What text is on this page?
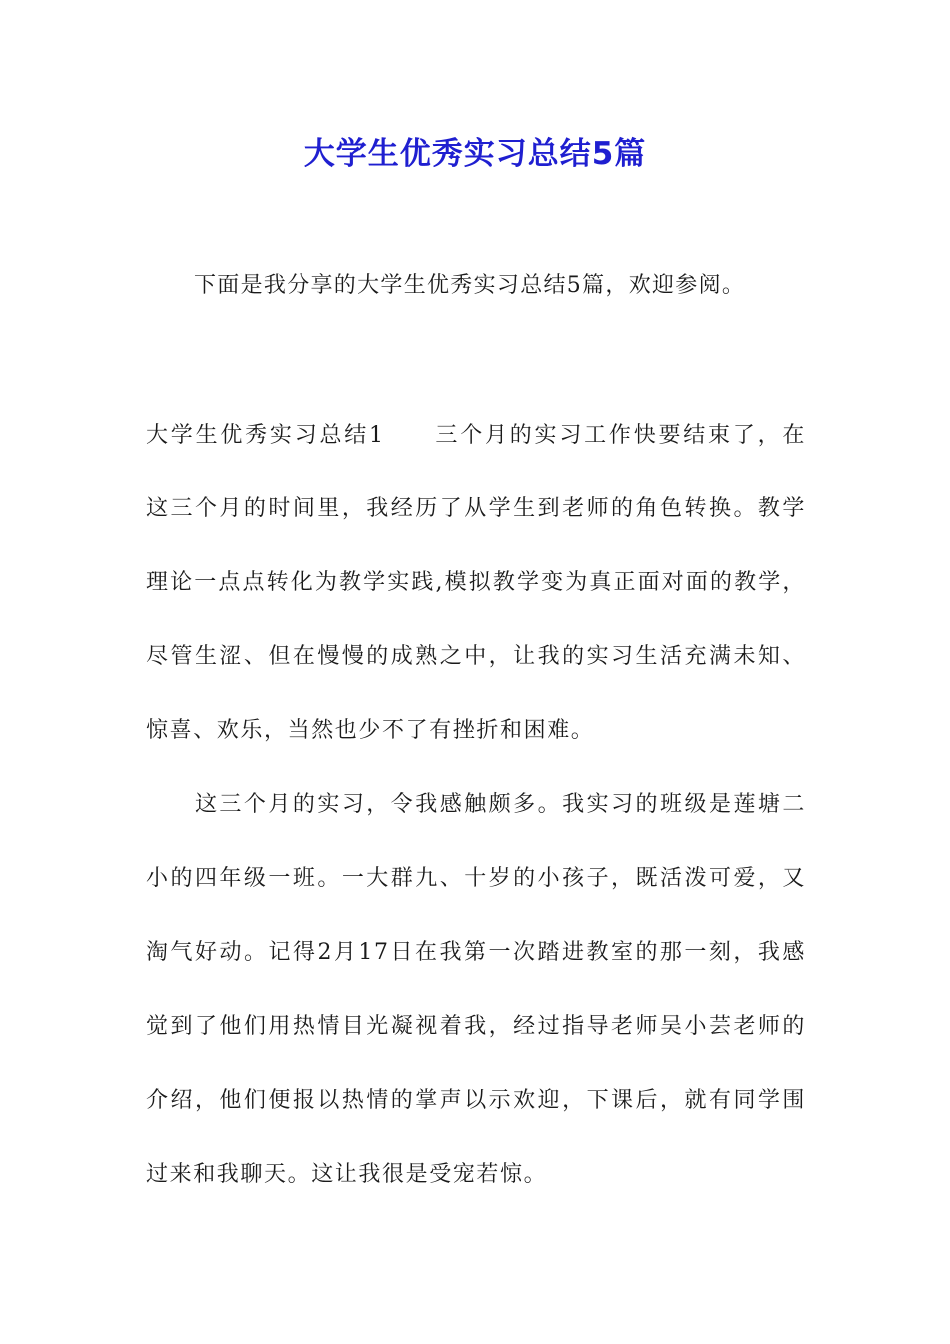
大学生优秀实习总结5篇

下面是我分享的大学生优秀实习总结5篇，欢迎参阅。

大学生优秀实习总结1　　三个月的实习工作快要结束了，在

这三个月的时间里，我经历了从学生到老师的角色转换。教学

理论一点点转化为教学实践,模拟教学变为真正面对面的教学，

尽管生涩、但在慢慢的成熟之中，让我的实习生活充满未知、

惊喜、欢乐，当然也少不了有挫折和困难。

　　这三个月的实习，令我感触颇多。我实习的班级是莲塘二

小的四年级一班。一大群九、十岁的小孩子，既活泼可爱，又

淘气好动。记得2月17日在我第一次踏进教室的那一刻，我感

觉到了他们用热情目光凝视着我，经过指导老师吴小芸老师的

介绍，他们便报以热情的掌声以示欢迎，下课后，就有同学围

过来和我聊天。这让我很是受宠若惊。
